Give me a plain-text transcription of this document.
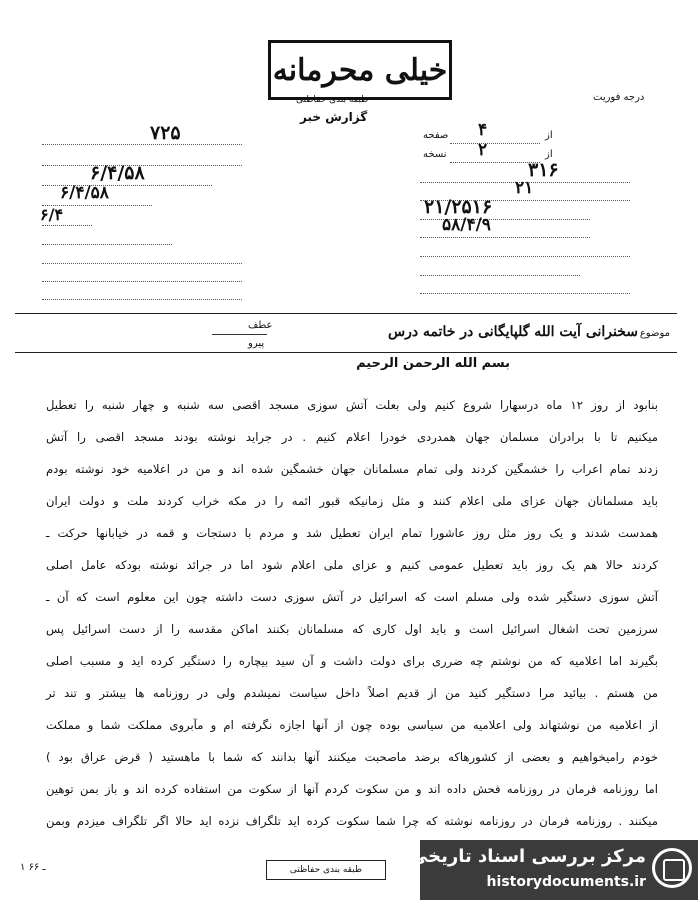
خیلی محرمانه
طبقه بندی حفاظتی
گزارش خبر
درجه فوریت
۷۲۵
۶/۴/۵۸
۶/۴/۵۸
۶/۴
از
صفحه ۴
از
نسخه ۲
۳۱۶
۲۱
۲۱/۲۵۱۶
۵۸/۴/۹
عطف
پیرو
موضوع
سخنرانی آیت الله گلپایگانی در خاتمه درس
بسم الله الرحمن الرحیم
بنابود از روز ۱۲ ماه درسهارا شروع کنیم ولی بعلت آتش سوزی مسجد اقصی سه شنبه و چهار شنبه را تعطیل
میکنیم تا با برادران مسلمان جهان همدردی خودرا اعلام کنیم . در جراید نوشته بودند مسجد اقصی را آتش
زدند تمام اعراب را خشمگین کردند ولی تمام مسلمانان جهان خشمگین شده اند و من در اعلامیه خود نوشته بودم
باید مسلمانان جهان عزای ملی اعلام کنند و مثل زمانیکه قبور ائمه را در مکه خراب کردند ملت و دولت ایران
همدست شدند و یک روز مثل روز عاشورا تمام ایران تعطیل شد و مردم با دستجات و قمه در خیابانها حرکت ـ
کردند حالا هم یک روز باید تعطیل عمومی کنیم و عزای ملی اعلام شود اما در جرائد نوشته بودکه عامل اصلی
آتش سوزی دستگیر شده ولی مسلم است که اسرائیل در آتش سوزی دست داشته چون این معلوم است که آن ـ
سرزمین تحت اشغال اسرائیل است و باید اول کاری که مسلمانان بکنند اماکن مقدسه را از دست اسرائیل پس
بگیرند اما اعلامیه که من نوشتم چه ضرری برای دولت داشت و آن سید بیچاره را دستگیر کرده اید و مسبب اصلی
من هستم . بیائید مرا دستگیر کنید من از قدیم اصلاً داخل سیاست نمیشدم ولی در روزنامه ها بیشتر و تند تر
از اعلامیه من نوشتهاند ولی اعلامیه من سیاسی بوده چون از آنها اجازه نگرفته ام و مآبروی مملکت شما و مملکت
خودم رامیخواهیم و بعضی از کشورهاکه برضد ماصحبت میکنند آنها بدانند که شما با ماهستید ( قرض عراق بود )
اما روزنامه فرمان در روزنامه فحش داده اند و من سکوت کردم آنها از سکوت من استفاده کرده اند و باز بمن توهین
میکنند . روزنامه فرمان در روزنامه نوشته که چرا شما سکوت کرده اید تلگراف نزده اید حالا اگر تلگراف میزدم وبمن
۱ ـ ۶۶	طبقه بندی حفاظتی
مرکز بررسی اسناد تاریخی
historydocuments.ir
